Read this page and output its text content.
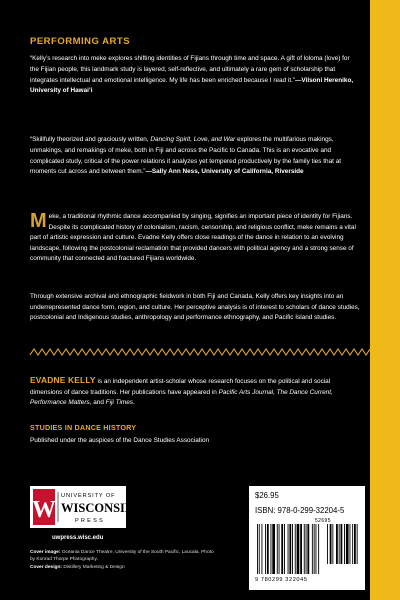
PERFORMING ARTS
“Kelly’s research into meke explores shifting identities of Fijians through time and space. A gift of loloma (love) for the Fijian people, this landmark study is layered, self-reflective, and ultimately a rare gem of scholarship that integrates intellectual and emotional intelligence. My life has been enriched because I read it.”—Vilsoni Hereniko, University of Hawai‘i
“Skillfully theorized and graciously written, Dancing Spirit, Love, and War explores the multifarious makings, unmakings, and remakings of meke, both in Fiji and across the Pacific to Canada. This is an evocative and complicated study, critical of the power relations it analyzes yet tempered productively by the family ties that at moments cut across and between them.”—Sally Ann Ness, University of California, Riverside
Meke, a traditional rhythmic dance accompanied by singing, signifies an important piece of identity for Fijians. Despite its complicated history of colonialism, racism, censorship, and religious conflict, meke remains a vital part of artistic expression and culture. Evadne Kelly offers close readings of the dance in relation to an evolving landscape, following the postcolonial reclamation that provided dancers with political agency and a strong sense of community that connected and fractured Fijians worldwide.
Through extensive archival and ethnographic fieldwork in both Fiji and Canada, Kelly offers key insights into an underrepresented dance form, region, and culture. Her perceptive analysis is of interest to scholars of dance studies, postcolonial and Indigenous studies, anthropology and performance ethnography, and Pacific Island studies.
EVADNE KELLY is an independent artist-scholar whose research focuses on the political and social dimensions of dance traditions. Her publications have appeared in Pacific Arts Journal, The Dance Current, Performance Matters, and Fiji Times.
STUDIES IN DANCE HISTORY
Published under the auspices of the Dance Studies Association
W
UNIVERSITY OF
WISCONSIN
PRESS
uwpress.wisc.edu
Cover image: Oceania Dance Theatre, University of the South Pacific, Laucala. Photo by Konrad Thorpe Photography.
Cover design: Distillery Marketing & Design
$26.95
ISBN: 978-0-299-32204-5
52695
9 780299 322045
